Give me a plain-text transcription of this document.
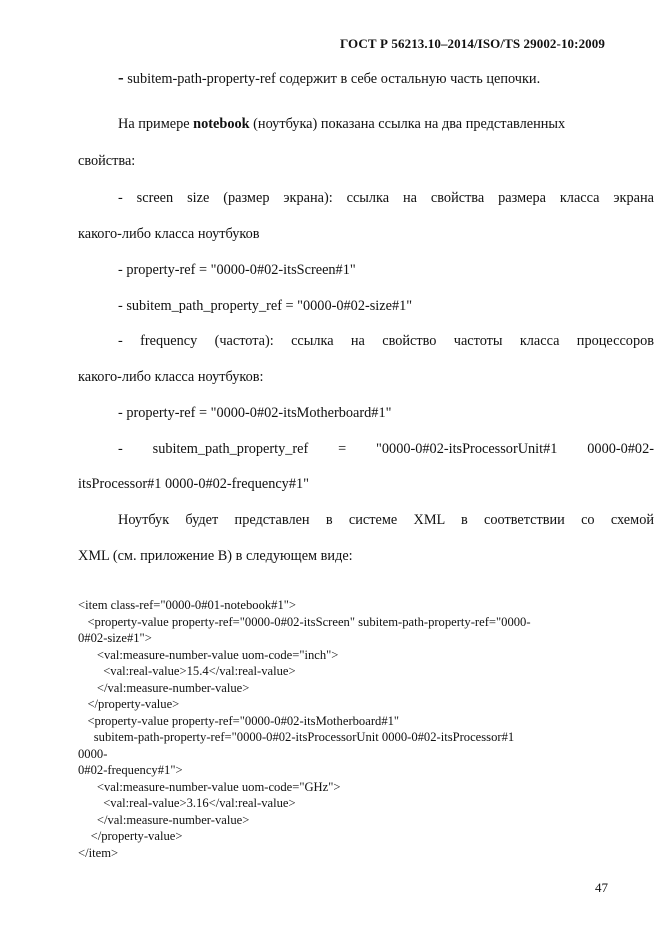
ГОСТ Р 56213.10–2014/ISO/TS 29002-10:2009
- subitem-path-property-ref содержит в себе остальную часть цепочки.
На примере notebook (ноутбука) показана ссылка на два представленных
свойства:
- screen size (размер экрана): ссылка на свойства размера класса экрана
какого-либо класса ноутбуков
- property-ref = "0000-0#02-itsScreen#1"
- subitem_path_property_ref = "0000-0#02-size#1"
- frequency (частота): ссылка на свойство частоты класса процессоров
какого-либо класса ноутбуков:
- property-ref = "0000-0#02-itsMotherboard#1"
- subitem_path_property_ref = "0000-0#02-itsProcessorUnit#1 0000-0#02-
itsProcessor#1 0000-0#02-frequency#1"
Ноутбук будет представлен в системе XML в соответствии со схемой
XML (см. приложение B) в следующем виде:
<item class-ref="0000-0#01-notebook#1">
<property-value property-ref="0000-0#02-itsScreen" subitem-path-property-ref="0000-
0#02-size#1">
<val:measure-number-value uom-code="inch">
<val:real-value>15.4</val:real-value>
</val:measure-number-value>
</property-value>
<property-value property-ref="0000-0#02-itsMotherboard#1"
subitem-path-property-ref="0000-0#02-itsProcessorUnit 0000-0#02-itsProcessor#1
0000-
0#02-frequency#1">
<val:measure-number-value uom-code="GHz">
<val:real-value>3.16</val:real-value>
</val:measure-number-value>
</property-value>
</item>
47
